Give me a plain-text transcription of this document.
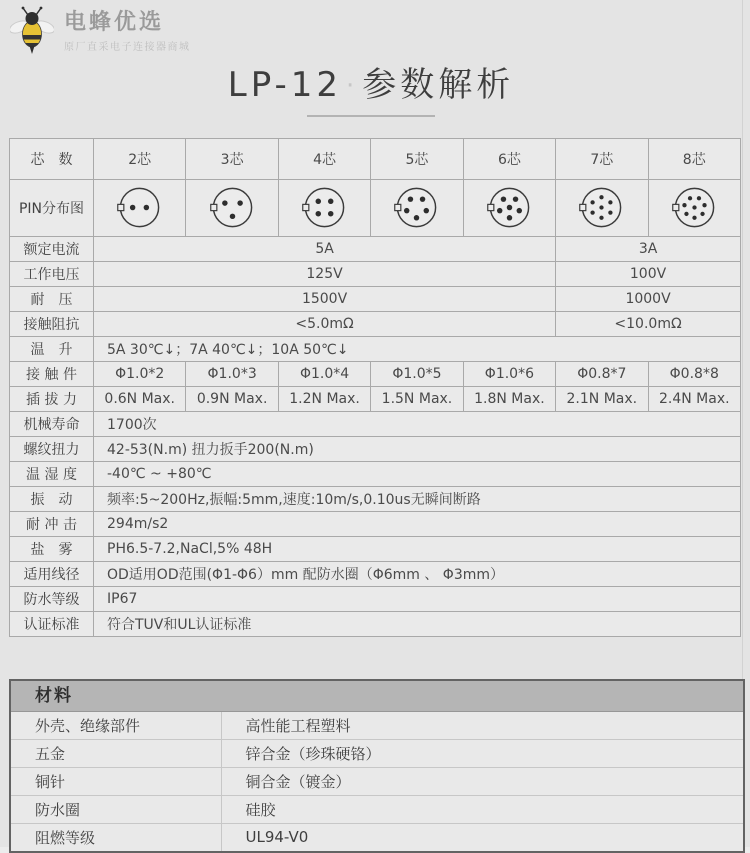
电蜂优选
原厂直采电子连接器商城
LP-12 · 参数解析
芯　数	2芯	3芯	4芯	5芯	6芯	7芯	8芯
PIN分布图	

额定电流	5A					3A	
工作电压	125V					100V	
耐　压	1500V					1000V	
接触阻抗	<5.0mΩ					<10.0mΩ	
温　升	5A 30℃↓；7A 40℃↓；10A 50℃↓						
接 触 件	Φ1.0*2	Φ1.0*3	Φ1.0*4	Φ1.0*5	Φ1.0*6	Φ0.8*7	Φ0.8*8
插 拔 力	0.6N Max.	0.9N Max.	1.2N Max.	1.5N Max.	1.8N Max.	2.1N Max.	2.4N Max.
机械寿命	1700次						
螺纹扭力	42-53(N.m) 扭力扳手200(N.m)						
温 湿 度	-40℃ ~ +80℃						
振　动	频率:5~200Hz,振幅:5mm,速度:10m/s,0.10us无瞬间断路						
耐 冲 击	294m/s2						
盐　雾	PH6.5-7.2,NaCl,5% 48H						
适用线径	OD适用OD范围(Φ1-Φ6）mm 配防水圈（Φ6mm 、 Φ3mm）						
防水等级	IP67						
认证标准	符合TUV和UL认证标准						
材料
外壳、绝缘部件	高性能工程塑料
五金	锌合金（珍珠硬铬）
铜针	铜合金（镀金）
防水圈	硅胶
阻燃等级	UL94-V0
